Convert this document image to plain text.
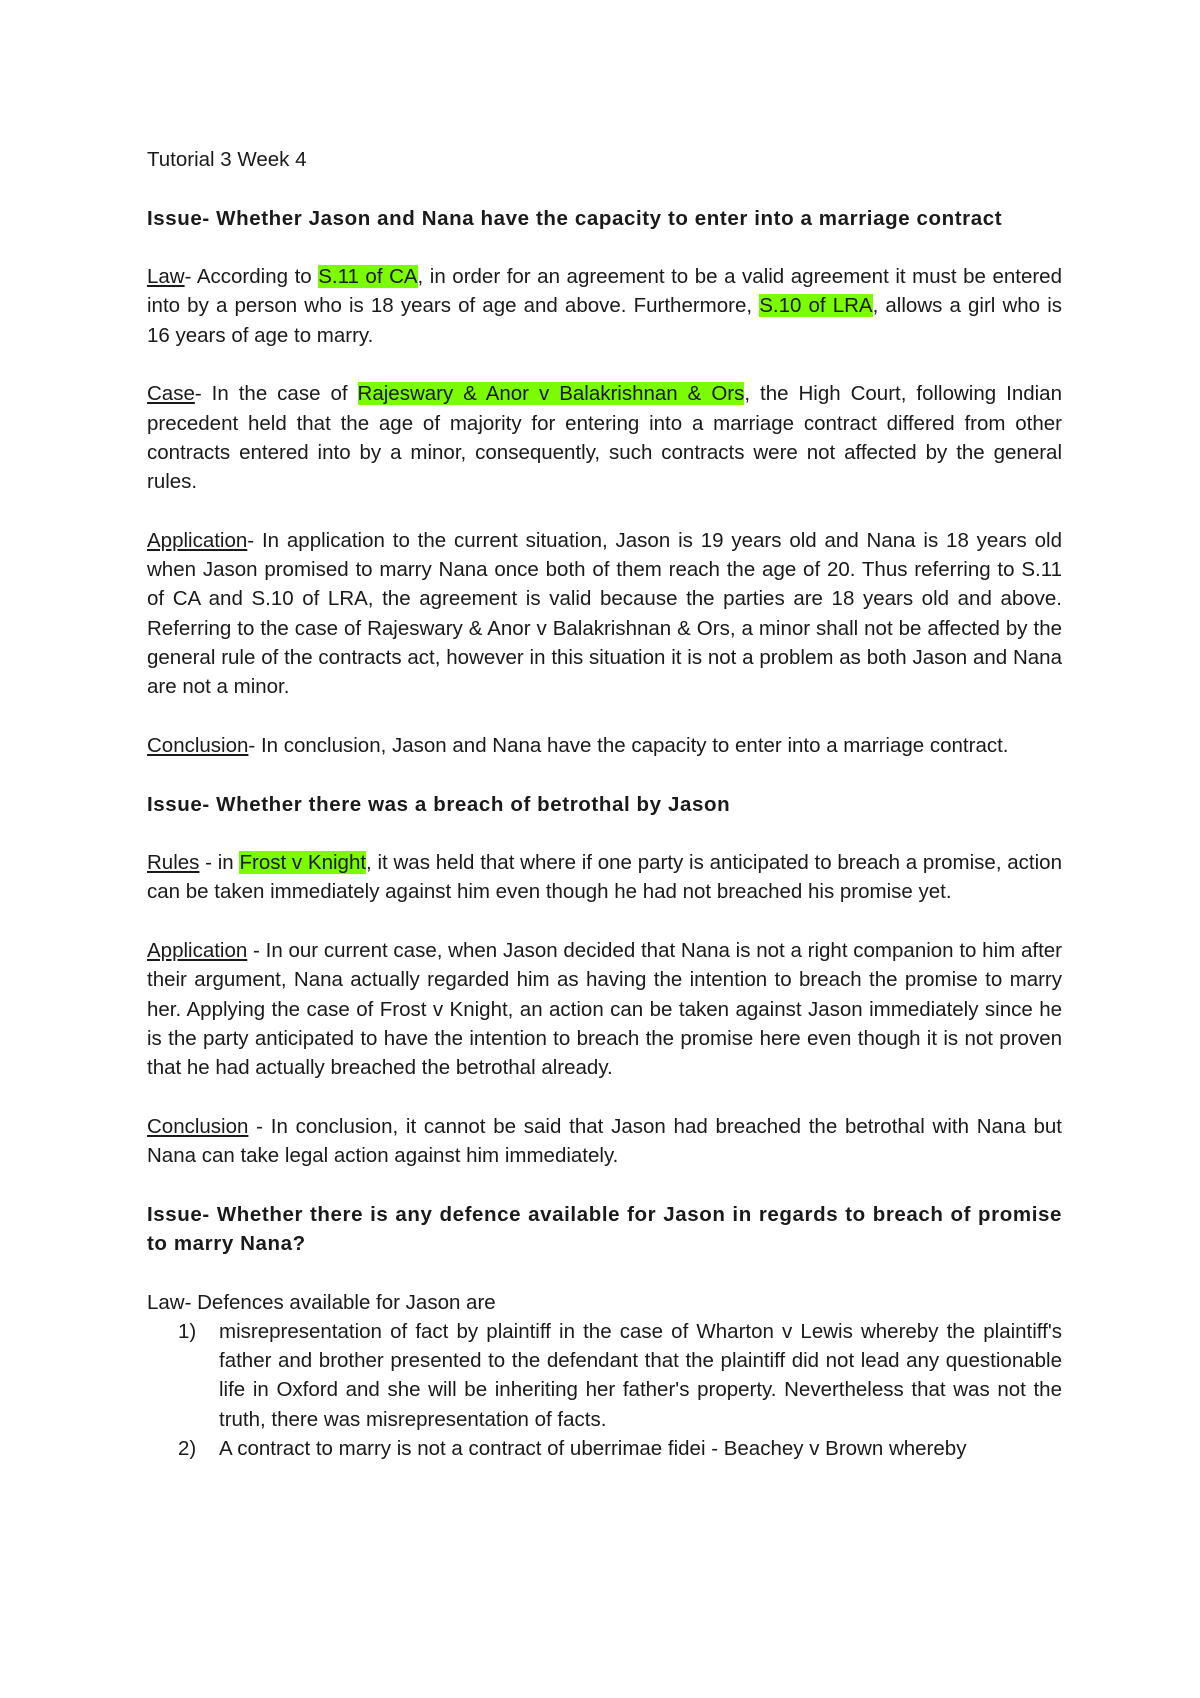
Tutorial 3 Week 4

Issue- Whether Jason and Nana have the capacity to enter into a marriage contract

Law- According to S.11 of CA, in order for an agreement to be a valid agreement it must be entered into by a person who is 18 years of age and above. Furthermore, S.10 of LRA, allows a girl who is 16 years of age to marry.

Case- In the case of Rajeswary & Anor v Balakrishnan & Ors, the High Court, following Indian precedent held that the age of majority for entering into a marriage contract differed from other contracts entered into by a minor, consequently, such contracts were not affected by the general rules.

Application- In application to the current situation, Jason is 19 years old and Nana is 18 years old when Jason promised to marry Nana once both of them reach the age of 20. Thus referring to S.11 of CA and S.10 of LRA, the agreement is valid because the parties are 18 years old and above. Referring to the case of Rajeswary & Anor v Balakrishnan & Ors, a minor shall not be affected by the general rule of the contracts act, however in this situation it is not a problem as both Jason and Nana are not a minor.

Conclusion- In conclusion, Jason and Nana have the capacity to enter into a marriage contract.

Issue- Whether there was a breach of betrothal by Jason

Rules - in Frost v Knight, it was held that where if one party is anticipated to breach a promise, action can be taken immediately against him even though he had not breached his promise yet.

Application - In our current case, when Jason decided that Nana is not a right companion to him after their argument, Nana actually regarded him as having the intention to breach the promise to marry her. Applying the case of Frost v Knight, an action can be taken against Jason immediately since he is the party anticipated to have the intention to breach the promise here even though it is not proven that he had actually breached the betrothal already.

Conclusion - In conclusion, it cannot be said that Jason had breached the betrothal with Nana but Nana can take legal action against him immediately.

Issue- Whether there is any defence available for Jason in regards to breach of promise to marry Nana?

Law- Defences available for Jason are
1) misrepresentation of fact by plaintiff in the case of Wharton v Lewis whereby the plaintiff's father and brother presented to the defendant that the plaintiff did not lead any questionable life in Oxford and she will be inheriting her father's property. Nevertheless that was not the truth, there was misrepresentation of facts.
2) A contract to marry is not a contract of uberrimae fidei - Beachey v Brown whereby
